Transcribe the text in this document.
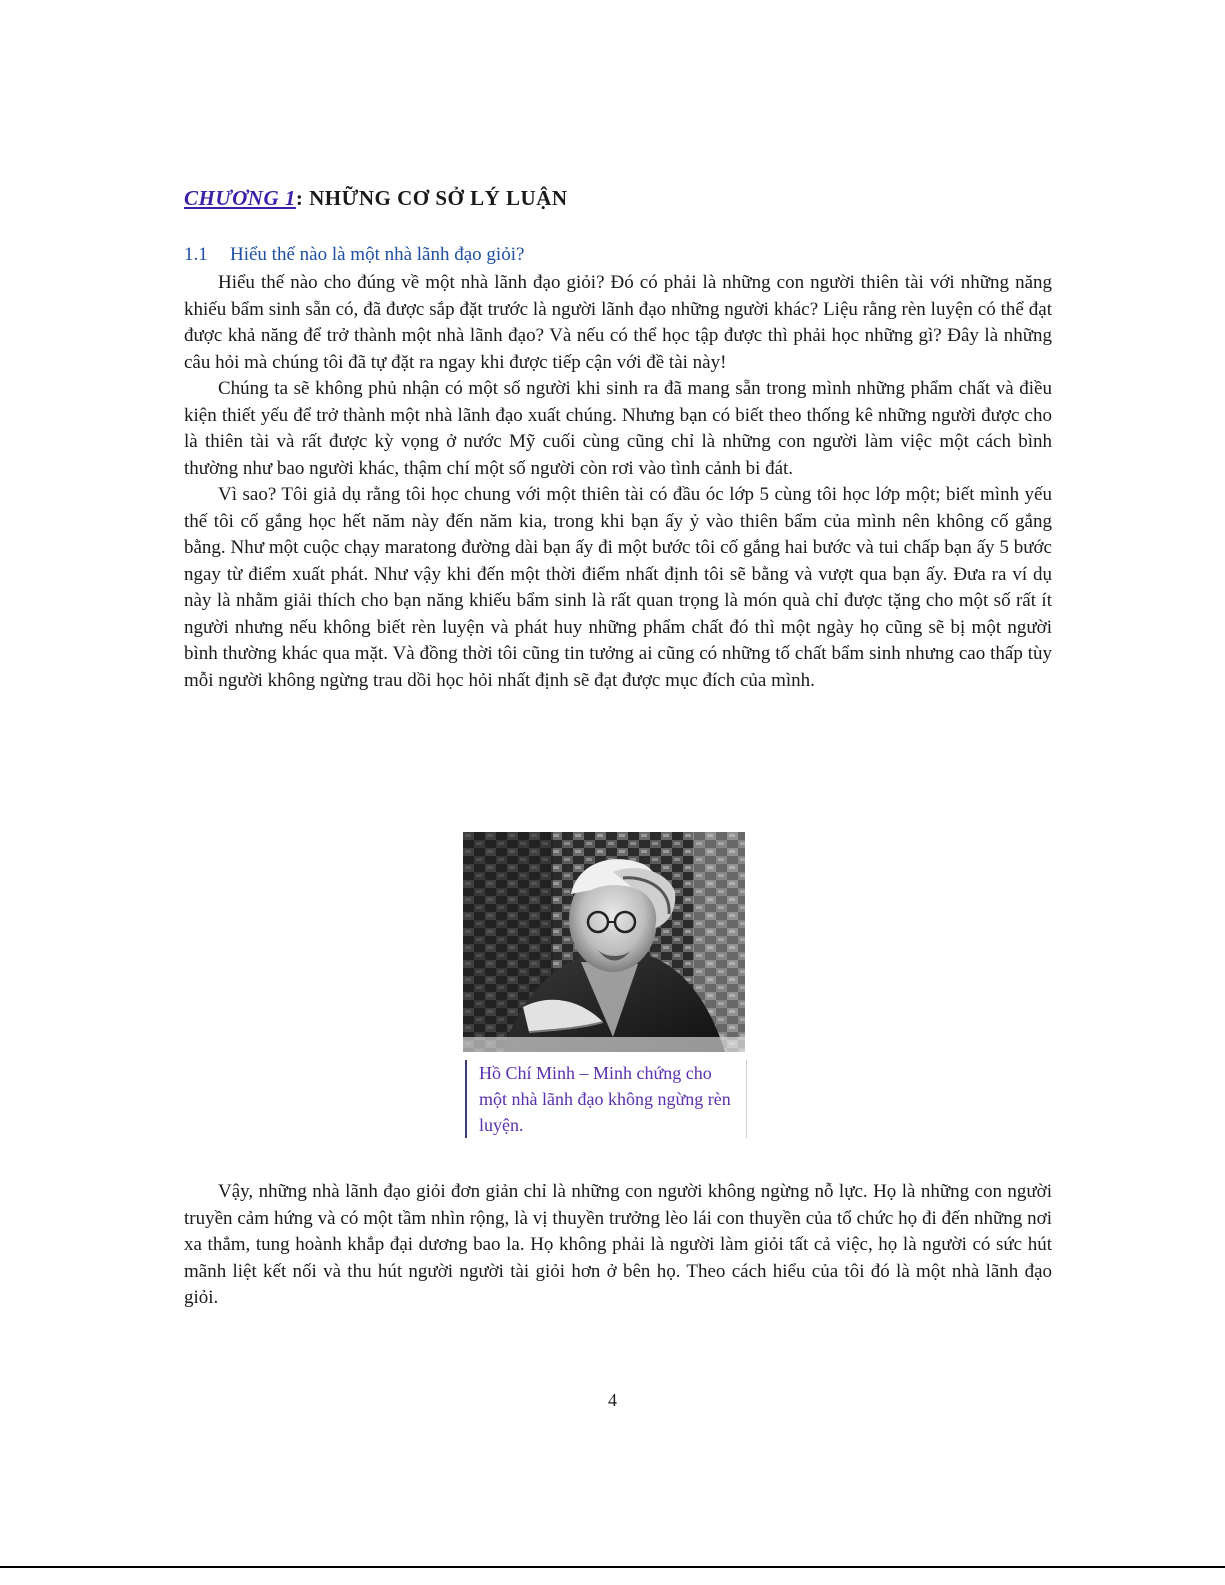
CHƯƠNG 1: NHỮNG CƠ SỞ LÝ LUẬN
1.1 Hiểu thế nào là một nhà lãnh đạo giỏi?

Hiểu thế nào cho đúng về một nhà lãnh đạo giỏi? Đó có phải là những con người thiên tài với những năng khiếu bẩm sinh sẵn có, đã được sắp đặt trước là người lãnh đạo những người khác? Liệu rằng rèn luyện có thể đạt được khả năng để trở thành một nhà lãnh đạo? Và nếu có thể học tập được thì phải học những gì? Đây là những câu hỏi mà chúng tôi đã tự đặt ra ngay khi được tiếp cận với đề tài này!

Chúng ta sẽ không phủ nhận có một số người khi sinh ra đã mang sẵn trong mình những phẩm chất và điều kiện thiết yếu để trở thành một nhà lãnh đạo xuất chúng. Nhưng bạn có biết theo thống kê những người được cho là thiên tài và rất được kỳ vọng ở nước Mỹ cuối cùng cũng chỉ là những con người làm việc một cách bình thường như bao người khác, thậm chí một số người còn rơi vào tình cảnh bi đát.

Vì sao? Tôi giả dụ rằng tôi học chung với một thiên tài có đầu óc lớp 5 cùng tôi học lớp một; biết mình yếu thế tôi cố gắng học hết năm này đến năm kia, trong khi bạn ấy ỷ vào thiên bẩm của mình nên không cố gắng bằng. Như một cuộc chạy maratong đường dài bạn ấy đi một bước tôi cố gắng hai bước và tui chấp bạn ấy 5 bước ngay từ điểm xuất phát. Như vậy khi đến một thời điểm nhất định tôi sẽ bằng và vượt qua bạn ấy. Đưa ra ví dụ này là nhằm giải thích cho bạn năng khiếu bẩm sinh là rất quan trọng là món quà chỉ được tặng cho một số rất ít người nhưng nếu không biết rèn luyện và phát huy những phẩm chất đó thì một ngày họ cũng sẽ bị một người bình thường khác qua mặt. Và đồng thời tôi cũng tin tưởng ai cũng có những tố chất bẩm sinh nhưng cao thấp tùy mỗi người không ngừng trau dồi học hỏi nhất định sẽ đạt được mục đích của mình.

Hồ Chí Minh – Minh chứng cho một nhà lãnh đạo không ngừng rèn luyện.

Vậy, những nhà lãnh đạo giỏi đơn giản chỉ là những con người không ngừng nỗ lực. Họ là những con người truyền cảm hứng và có một tầm nhìn rộng, là vị thuyền trưởng lèo lái con thuyền của tổ chức họ đi đến những nơi xa thẳm, tung hoành khắp đại dương bao la. Họ không phải là người làm giỏi tất cả việc, họ là người có sức hút mãnh liệt kết nối và thu hút người người tài giỏi hơn ở bên họ. Theo cách hiểu của tôi đó là một nhà lãnh đạo giỏi.

4
